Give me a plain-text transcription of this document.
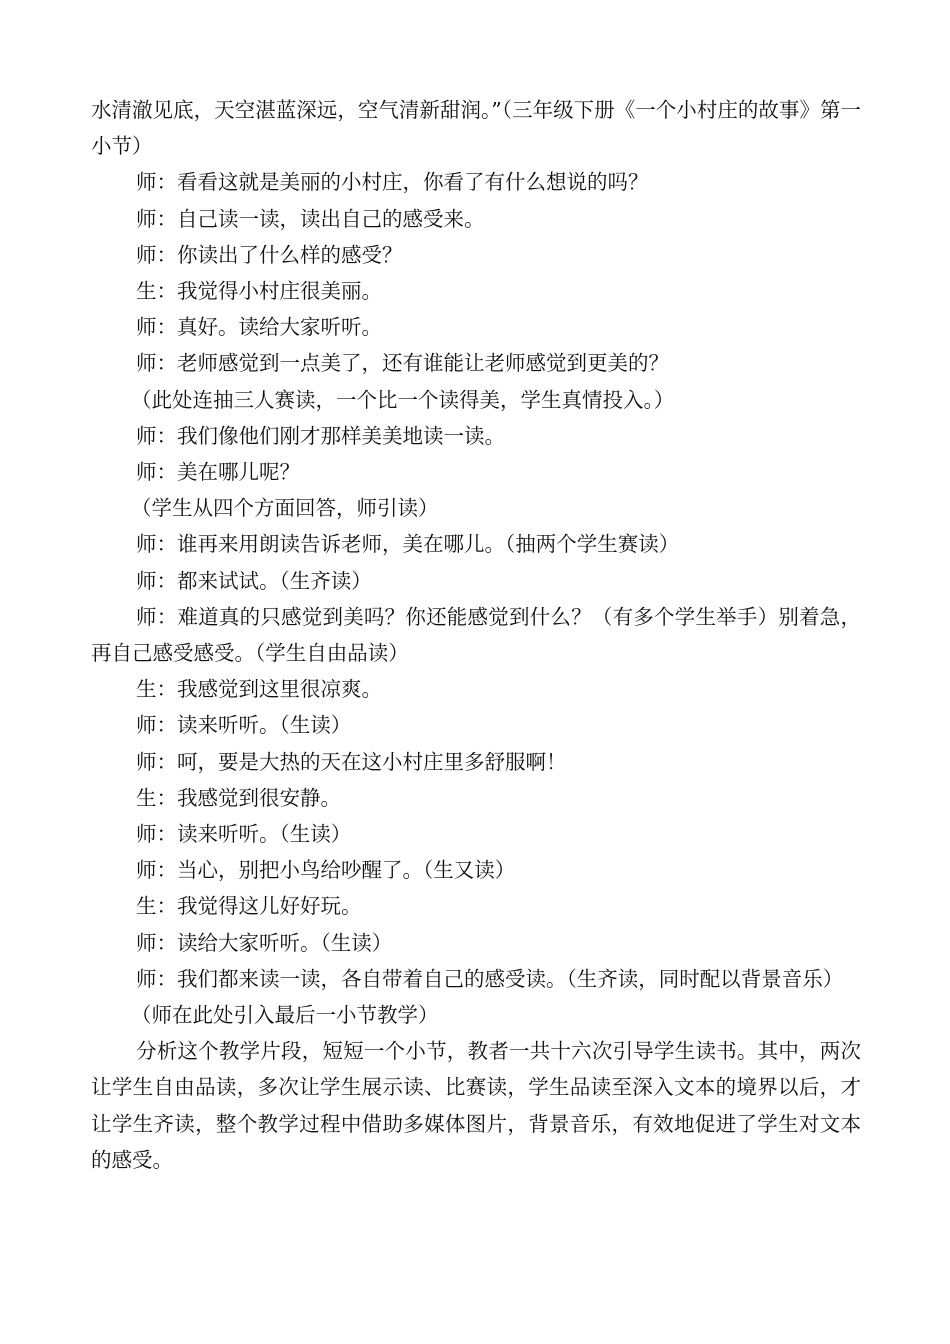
水清澈见底，天空湛蓝深远，空气清新甜润。”（三年级下册《一个小村庄的故事》第一小节）

师：看看这就是美丽的小村庄，你看了有什么想说的吗？

师：自己读一读，读出自己的感受来。

师：你读出了什么样的感受？

生：我觉得小村庄很美丽。

师：真好。读给大家听听。

师：老师感觉到一点美了，还有谁能让老师感觉到更美的？

（此处连抽三人赛读，一个比一个读得美，学生真情投入。）

师：我们像他们刚才那样美美地读一读。

师：美在哪儿呢？

（学生从四个方面回答，师引读）

师：谁再来用朗读告诉老师，美在哪儿。（抽两个学生赛读）

师：都来试试。（生齐读）

师：难道真的只感觉到美吗？你还能感觉到什么？（有多个学生举手）别着急，再自己感受感受。（学生自由品读）

生：我感觉到这里很凉爽。

师：读来听听。（生读）

师：呵，要是大热的天在这小村庄里多舒服啊！

生：我感觉到很安静。

师：读来听听。（生读）

师：当心，别把小鸟给吵醒了。（生又读）

生：我觉得这儿好好玩。

师：读给大家听听。（生读）

师：我们都来读一读，各自带着自己的感受读。（生齐读，同时配以背景音乐）

（师在此处引入最后一小节教学）

分析这个教学片段，短短一个小节，教者一共十六次引导学生读书。其中，两次让学生自由品读，多次让学生展示读、比赛读，学生品读至深入文本的境界以后，才让学生齐读，整个教学过程中借助多媒体图片，背景音乐，有效地促进了学生对文本的感受。
